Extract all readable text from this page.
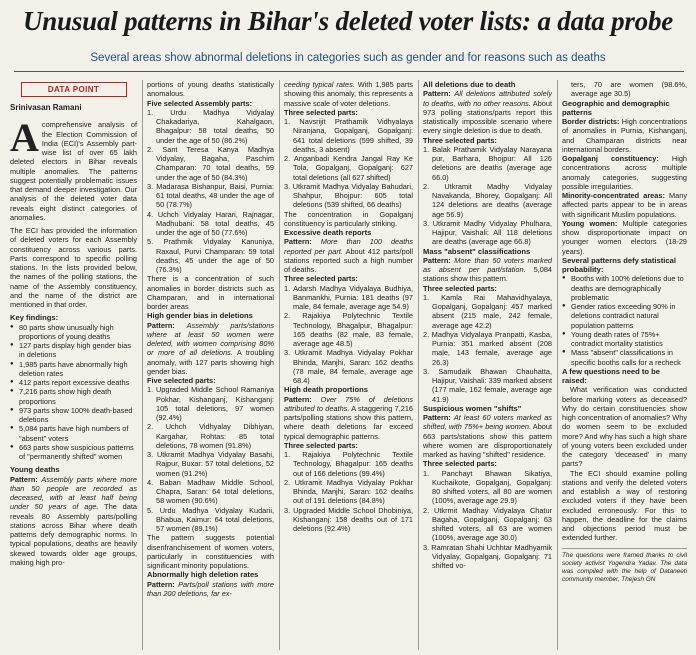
Unusual patterns in Bihar's deleted voter lists: a data probe
Several areas show abnormal deletions in categories such as gender and for reasons such as deaths
DATA POINT
Srinivasan Ramani

Acomprehensive analysis of the Election Commission of India (ECI)'s Assembly part-wise list of over 65 lakh deleted electors in Bihar reveals multiple anomalies. The patterns suggest potentially problematic issues that demand deeper investigation. Our analysis of the deleted voter data reveals eight distinct categories of anomalies.

The ECI has provided the information of deleted voters for each Assembly constituency across various parts. Parts correspond to specific polling stations. In the lists provided below, the names of the polling stations, the name of the Assembly constituency, and the name of the district are mentioned in that order.

Key findings:
● 80 parts show unusually high proportions of young deaths
● 127 parts display high gender bias in deletions
● 1,985 parts have abnormally high deletion rates
● 412 parts report excessive deaths
● 7,216 parts show high death proportions
● 973 parts show 100% death-based deletions
● 5,084 parts have high numbers of "absent" voters
● 663 parts show suspicious patterns of "permanently shifted" women
Young deaths

Pattern: Assembly parts where more than 50 people are recorded as deceased, with at least half being under 50 years of age. The data reveals 80 Assembly parts/polling stations across Bihar where death patterns defy demographic norms. In typical populations, deaths are heavily skewed towards older age groups, making high pro-

portions of young deaths statistically anomalous.

Five selected Assembly parts:
1. Urdu Madhya Vidyalay Chakadariya, Kahalgaon, Bhagalpur: 58 total deaths, 50 under the age of 50 (86.2%)
2. Sant Teresa Kanya Madhya Vidyalay, Bagaha, Paschim Champaran: 70 total deaths, 59 under the age of 50 (84.3%)
3. Madarasa Bishanpur, Baisi, Purnia: 61 total deaths, 48 under the age of 50 (78.7%)
4. Uchch Vidyalay Harari, Rajnagar, Madhubani: 58 total deaths, 45 under the age of 50 (77.6%)
5. Prathmik Vidyalay Kanuniya, Raxaul, Purvi Champaran: 59 total deaths, 45 under the age of 50 (76.3%)

There is a concentration of such anomalies in border districts such as Champaran, and in international border areas

High gender bias in deletions

Pattern: Assembly parts/stations where at least 50 women were deleted, with women comprising 80% or more of all deletions. A troubling anomaly, with 127 parts showing high gender bias.

Five selected parts:
1. Upgraded Middle School Ramaniya Pokhar, Kishanganj, Kishanganj: 105 total deletions, 97 women (92.4%)
2. Uchch Vidhyalay Dibhiyan, Kargahar, Rohtas: 85 total deletions, 78 women (91.8%)
3. Utkramit Madhya Vidyalay Basahi, Rajpur, Buxar: 57 total deletions, 52 women (91.2%)
4. Baban Madhaw Middle School, Chapra, Saran: 64 total deletions, 58 women (90.6%)
5. Urdu Madhya Vidyalay Kudarii, Bhabua, Kaimur: 64 total deletions, 57 women (89.1%)

The pattern suggests potential disenfranchisement of women voters, particularly in constituencies with significant minority populations.

Abnormally high deletion rates

Pattern: Parts/poll stations with more than 200 deletions, far ex-

ceeding typical rates. With 1,985 parts showing this anomaly, this represents a massive scale of voter deletions.

Three selected parts:
1. Navsrijit Prathamik Vidhyalaya Niranjana, Gopalganj, Gopalganj: 641 total deletions (599 shifted, 39 deaths, 3 absent)
2. Anganbadi Kendra Jangal Ray Ke Tola, Gopalganj, Gopalganj: 627 total deletions (all 627 shifted)
3. Utkramit Madhya Vidyalay Bahudari, Shahpur, Bhojpur: 605 total deletions (539 shifted, 66 deaths)

The concentration in Gopalganj constituency is particularly striking.

Excessive death reports

Pattern: More than 100 deaths reported per part. About 412 parts/poll stations reported such a high number of deaths.

Three selected parts:
1. Adarsh Madhya Vidyalaya Budhiya, Banmankhi, Purnia: 181 deaths (97 male, 84 female, average age 54.9)
2. Rajakiya Polytechnic Textile Technology, Bhagalpur, Bhagalpur: 165 deaths (82 male, 83 female, average age 48.5)
3. Utkramit Madhya Vidyalay Pokhar Bhinda, Manjhi, Saran: 162 deaths (78 male, 84 female, average age 68.4)
High death proportions

Pattern: Over 75% of deletions attributed to deaths. A staggering 7,216 parts/polling stations show this pattern, where death deletions far exceed typical demographic patterns.

Three selected parts:
1. Rajakiya Polytechnic Textile Technology, Bhagalpur: 165 deaths out of 166 deletions (99.4%)
2. Utkramit Madhya Vidyalay Pokhar Bhinda, Manjhi, Saran: 162 deaths out of 191 deletions (84.8%)
3. Upgraded Middle School Dhobiniya, Kishanganj: 158 deaths out of 171 deletions (92.4%)
All deletions due to death

Pattern: All deletions attributed solely to deaths, with no other reasons. About 973 polling stations/parts report this statistically impossible scenario where every single deletion is due to death.

Three selected parts:
1. Balak Prathamik Vidyalay Narayana pur, Barhara, Bhojpur: All 126 deletions are deaths (average age 66.0)
2. Utkramit Madhy Vidyalay Navakanda, Bhorey, Gopalganj: All 124 deletions are deaths (average age 56.9)
3. Utkramit Madhy Vidyalay Phulhara, Hajipur, Vaishali: All 118 deletions are deaths (average age 66.8)
Mass "absent" classifications

Pattern: More than 50 voters marked as absent per part/station. 5,084 stations show this pattern.

Three selected parts:
1. Kamla Rai Mahavidhyalaya, Gopalganj, Gopalganj: 457 marked absent (215 male, 242 female, average age 42.2)
2. Madhya Vidyalaya Pranpatti, Kasba, Purnia: 351 marked absent (208 male, 143 female, average age 26.3)
3. Samudaik Bhawan Chauhatta, Hajipur, Vaishali: 339 marked absent (177 male, 162 female, average age 41.9)
Suspicious women "shifts"

Pattern: At least 60 voters marked as shifted, with 75%+ being women. About 663 parts/stations show this pattern where women are disproportionately marked as having "shifted" residence.

Three selected parts:
1. Panchayt Bhawan Sikatiya, Kuchaikote, Gopalganj, Gopalganj: 80 shifted voters, all 80 are women (100%, average age 29.9)
2. Utkrmit Madhay Vidyalaya Chatur Bagaha, Gopalganj, Gopalganj: 63 shifted voters, all 63 are women (100%, average age 30.0)
3. Ramratan Shahi Uchhtar Madhyamik Vidyalay, Gopalganj, Gopalganj: 71 shifted vo-

ters, 70 are women (98.6%, average age 30.5)

Geographic and demographic patterns

Border districts: High concentrations of anomalies in Purnia, Kishanganj, and Champaran districts near international borders.

Gopalganj constituency: High concentrations across multiple anomaly categories, suggesting possible irregularities.

Minority-concentrated areas: Many affected parts appear to be in areas with significant Muslim populations.

Young women: Multiple categories show disproportionate impact on younger women electors (18-29 years).

Several patterns defy statistical probability:
● Booths with 100% deletions due to deaths are demographically problematic
● Gender ratios exceeding 90% in deletions contradict natural population patterns
● Young death rates of 75%+ contradict mortality statistics
● Mass "absent" classifications in specific booths calls for a recheck
A few questions need to be raised:

What verification was conducted before marking voters as deceased? Why do certain constituencies show high concentration of anomalies? Why do women seem to be excluded more? And why has such a high share of young voters been excluded under the category 'deceased' in many parts?

The ECI should examine polling stations and verify the deleted voters and establish a way of restoring excluded voters if they have been excluded erroneously. For this to happen, the deadline for the claims and objections period must be extended further.

The questions were framed thanks to civil society activist Yogendra Yadav. The data was compiled with the help of Dataneeti community member, Thejesh GN
